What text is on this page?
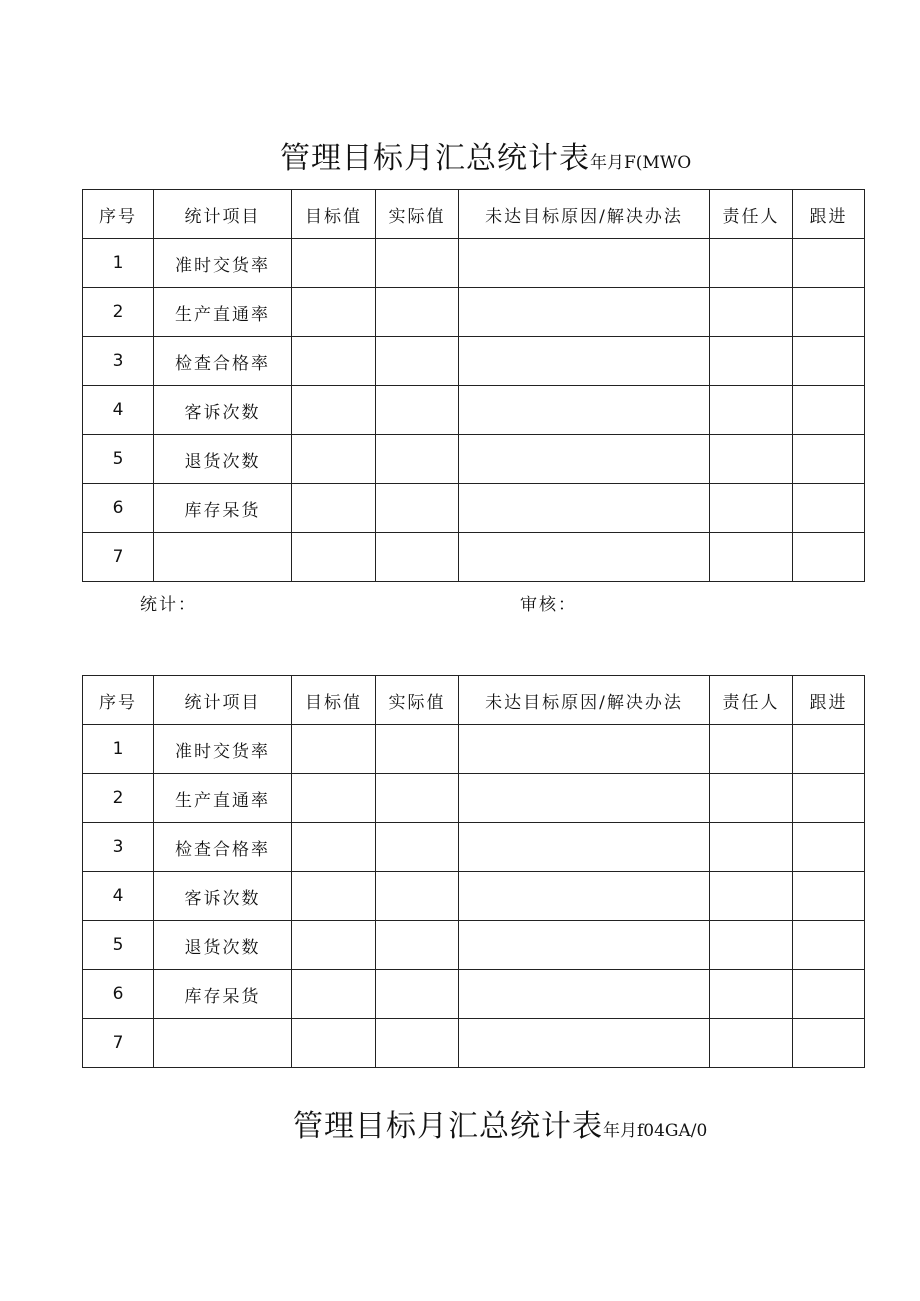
管理目标月汇总统计表年月F(MWO
序号	统计项目	目标值	实际值	未达目标原因/解决办法	责任人	跟进
1	准时交货率					
2	生产直通率					
3	检查合格率					
4	客诉次数					
5	退货次数					
6	库存呆货					
7						
统计：	审核：
序号	统计项目	目标值	实际值	未达目标原因/解决办法	责任人	跟进
1	准时交货率					
2	生产直通率					
3	检查合格率					
4	客诉次数					
5	退货次数					
6	库存呆货					
7						
管理目标月汇总统计表年月f04GA/0
